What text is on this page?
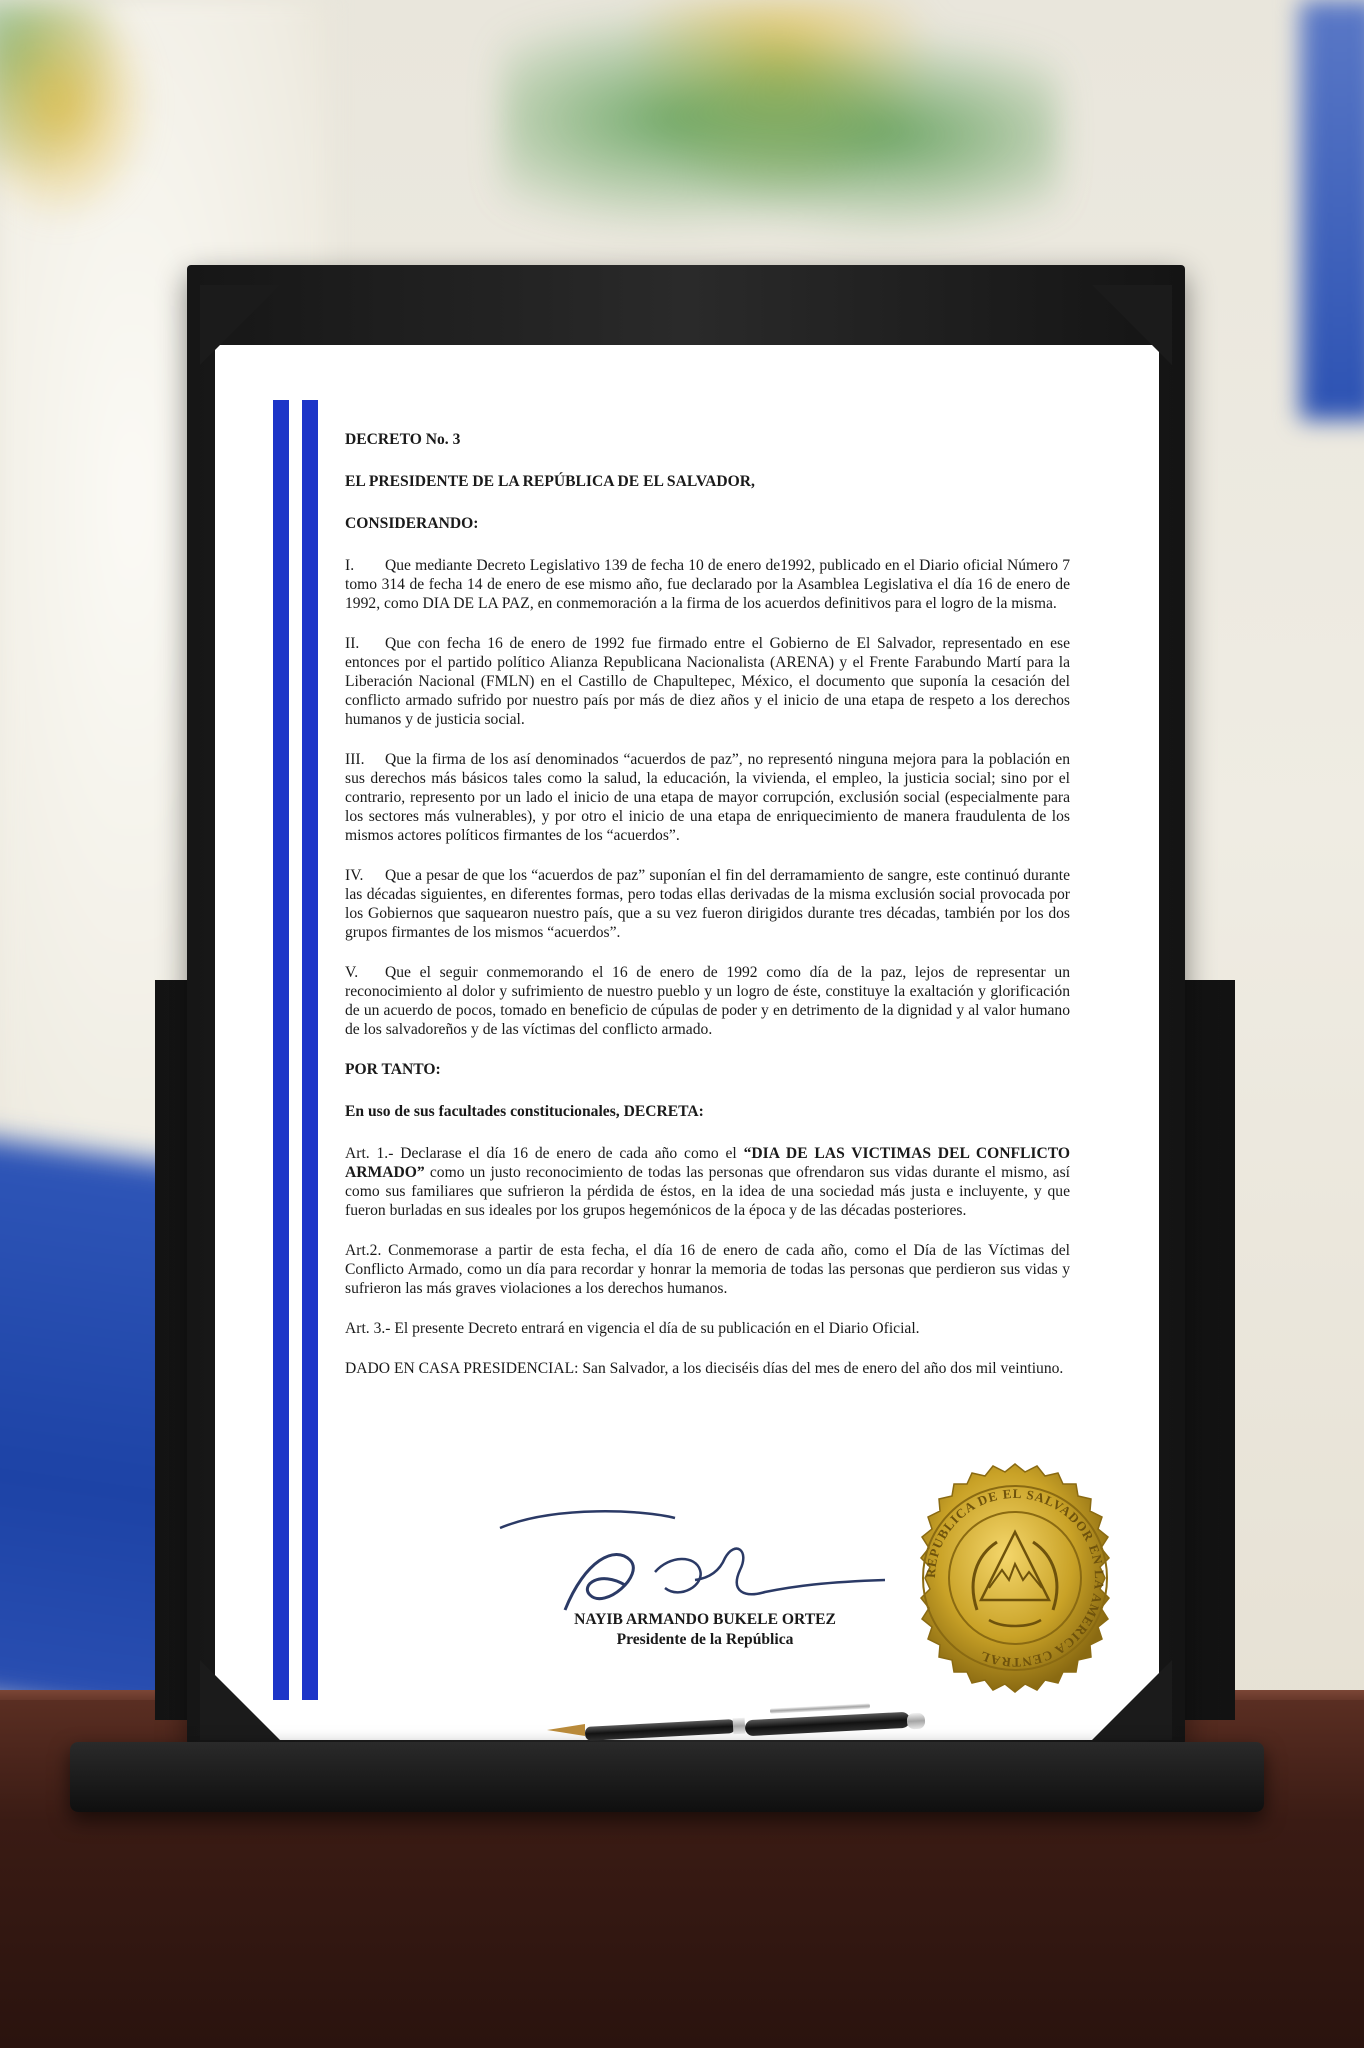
DECRETO No. 3

EL PRESIDENTE DE LA REPÚBLICA DE EL SALVADOR,

CONSIDERANDO:

I. Que mediante Decreto Legislativo 139 de fecha 10 de enero de1992, publicado en el Diario oficial Número 7 tomo 314 de fecha 14 de enero de ese mismo año, fue declarado por la Asamblea Legislativa el día 16 de enero de 1992, como DIA DE LA PAZ, en conmemoración a la firma de los acuerdos definitivos para el logro de la misma.

II. Que con fecha 16 de enero de 1992 fue firmado entre el Gobierno de El Salvador, representado en ese entonces por el partido político Alianza Republicana Nacionalista (ARENA) y el Frente Farabundo Martí para la Liberación Nacional (FMLN) en el Castillo de Chapultepec, México, el documento que suponía la cesación del conflicto armado sufrido por nuestro país por más de diez años y el inicio de una etapa de respeto a los derechos humanos y de justicia social.

III. Que la firma de los así denominados “acuerdos de paz”, no representó ninguna mejora para la población en sus derechos más básicos tales como la salud, la educación, la vivienda, el empleo, la justicia social; sino por el contrario, represento por un lado el inicio de una etapa de mayor corrupción, exclusión social (especialmente para los sectores más vulnerables), y por otro el inicio de una etapa de enriquecimiento de manera fraudulenta de los mismos actores políticos firmantes de los “acuerdos”.

IV. Que a pesar de que los “acuerdos de paz” suponían el fin del derramamiento de sangre, este continuó durante las décadas siguientes, en diferentes formas, pero todas ellas derivadas de la misma exclusión social provocada por los Gobiernos que saquearon nuestro país, que a su vez fueron dirigidos durante tres décadas, también por los dos grupos firmantes de los mismos “acuerdos”.

V. Que el seguir conmemorando el 16 de enero de 1992 como día de la paz, lejos de representar un reconocimiento al dolor y sufrimiento de nuestro pueblo y un logro de éste, constituye la exaltación y glorificación de un acuerdo de pocos, tomado en beneficio de cúpulas de poder y en detrimento de la dignidad y al valor humano de los salvadoreños y de las víctimas del conflicto armado.

POR TANTO:

En uso de sus facultades constitucionales, DECRETA:

Art. 1.- Declarase el día 16 de enero de cada año como el “DIA DE LAS VICTIMAS DEL CONFLICTO ARMADO” como un justo reconocimiento de todas las personas que ofrendaron sus vidas durante el mismo, así como sus familiares que sufrieron la pérdida de éstos, en la idea de una sociedad más justa e incluyente, y que fueron burladas en sus ideales por los grupos hegemónicos de la época y de las décadas posteriores.

Art.2. Conmemorase a partir de esta fecha, el día 16 de enero de cada año, como el Día de las Víctimas del Conflicto Armado, como un día para recordar y honrar la memoria de todas las personas que perdieron sus vidas y sufrieron las más graves violaciones a los derechos humanos.

Art. 3.- El presente Decreto entrará en vigencia el día de su publicación en el Diario Oficial.

DADO EN CASA PRESIDENCIAL: San Salvador, a los dieciséis días del mes de enero del año dos mil veintiuno.

NAYIB ARMANDO BUKELE ORTEZ
Presidente de la República
REPUBLICA DE EL SALVADOR EN LA AMERICA CENTRAL
